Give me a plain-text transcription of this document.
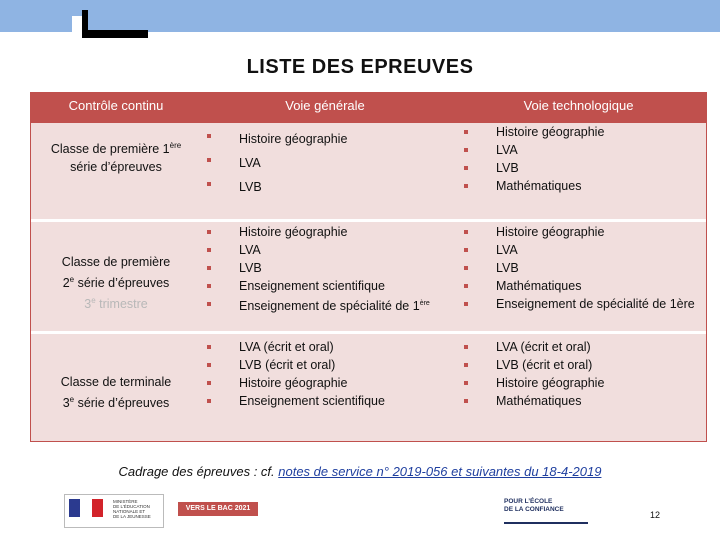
LISTE DES EPREUVES
Contrôle continu	Voie générale	Voie technologique
Classe de première 1ère
série d’épreuves
Histoire géographie
LVA
LVB
Histoire géographie
LVA
LVB
Mathématiques
Classe de première
2e série d’épreuves
3e trimestre
Histoire géographie
LVA
LVB
Enseignement scientifique
Enseignement de spécialité de 1ère
Histoire géographie
LVA
LVB
Mathématiques
Enseignement de spécialité de 1ère
Classe de terminale
3e série d’épreuves
LVA (écrit et oral)
LVB (écrit et oral)
Histoire géographie
Enseignement scientifique
LVA (écrit et oral)
LVB (écrit et oral)
Histoire géographie
Mathématiques
Cadrage des épreuves : cf. notes de service n° 2019-056 et suivantes du 18-4-2019
MINISTÈRE
DE L’ÉDUCATION
NATIONALE ET
DE LA JEUNESSE
VERS LE BAC 2021
POUR L’ÉCOLE
DE LA CONFIANCE
12
